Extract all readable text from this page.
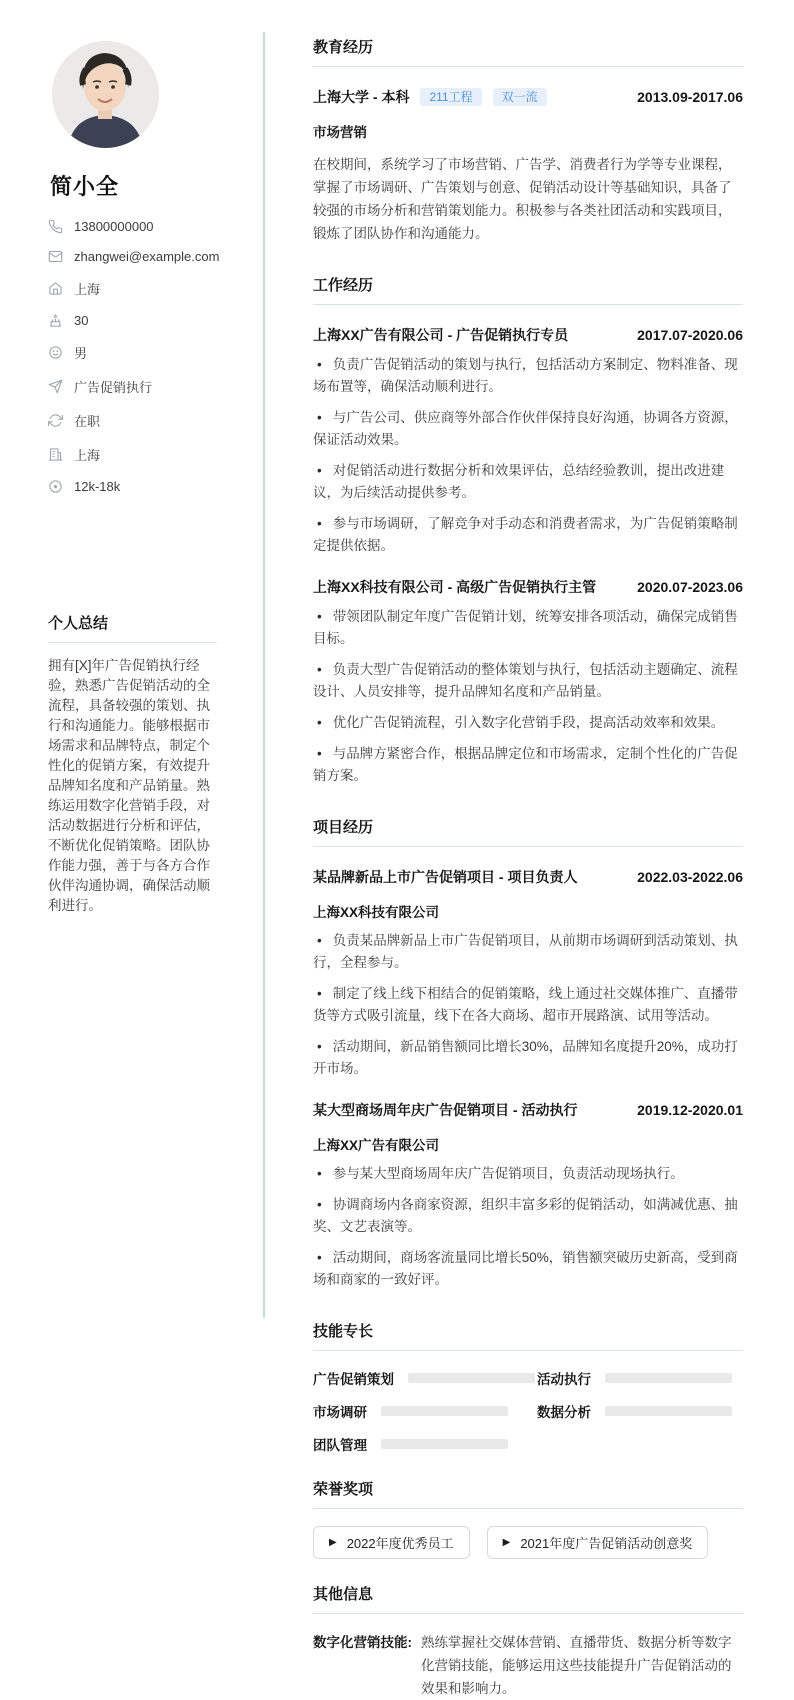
简小全
13800000000
zhangwei@example.com
上海
30
男
广告促销执行
在职
上海
12k-18k
个人总结

拥有[X]年广告促销执行经验，熟悉广告促销活动的全流程，具备较强的策划、执行和沟通能力。能够根据市场需求和品牌特点，制定个性化的促销方案，有效提升品牌知名度和产品销量。熟练运用数字化营销手段，对活动数据进行分析和评估，不断优化促销策略。团队协作能力强，善于与各方合作伙伴沟通协调，确保活动顺利进行。

教育经历
上海大学 - 本科	211工程	双一流	2013.09-2017.06
市场营销

在校期间，系统学习了市场营销、广告学、消费者行为学等专业课程，掌握了市场调研、广告策划与创意、促销活动设计等基础知识，具备了较强的市场分析和营销策划能力。积极参与各类社团活动和实践项目，锻炼了团队协作和沟通能力。

工作经历
上海XX广告有限公司 - 广告促销执行专员	2017.07-2020.06

• 负责广告促销活动的策划与执行，包括活动方案制定、物料准备、现场布置等，确保活动顺利进行。

• 与广告公司、供应商等外部合作伙伴保持良好沟通，协调各方资源，保证活动效果。

• 对促销活动进行数据分析和效果评估，总结经验教训，提出改进建议，为后续活动提供参考。

• 参与市场调研，了解竞争对手动态和消费者需求，为广告促销策略制定提供依据。

上海XX科技有限公司 - 高级广告促销执行主管	2020.07-2023.06

• 带领团队制定年度广告促销计划，统筹安排各项活动，确保完成销售目标。

• 负责大型广告促销活动的整体策划与执行，包括活动主题确定、流程设计、人员安排等，提升品牌知名度和产品销量。

• 优化广告促销流程，引入数字化营销手段，提高活动效率和效果。

• 与品牌方紧密合作，根据品牌定位和市场需求，定制个性化的广告促销方案。

项目经历
某品牌新品上市广告促销项目 - 项目负责人	2022.03-2022.06
上海XX科技有限公司

• 负责某品牌新品上市广告促销项目，从前期市场调研到活动策划、执行，全程参与。

• 制定了线上线下相结合的促销策略，线上通过社交媒体推广、直播带货等方式吸引流量，线下在各大商场、超市开展路演、试用等活动。

• 活动期间，新品销售额同比增长30%，品牌知名度提升20%，成功打开市场。

某大型商场周年庆广告促销项目 - 活动执行	2019.12-2020.01
上海XX广告有限公司

• 参与某大型商场周年庆广告促销项目，负责活动现场执行。

• 协调商场内各商家资源，组织丰富多彩的促销活动，如满减优惠、抽奖、文艺表演等。

• 活动期间，商场客流量同比增长50%，销售额突破历史新高，受到商场和商家的一致好评。

技能专长
广告促销策划	活动执行
市场调研	数据分析
团队管理
荣誉奖项
▶
2022年度优秀员工 ▶	2021年度广告促销活动创意奖
其他信息
数字化营销技能: 熟练掌握社交媒体营销、直播带货、数据分析等数字化营销技能，能够运用这些技能提升广告促销活动的效果和影响力。
